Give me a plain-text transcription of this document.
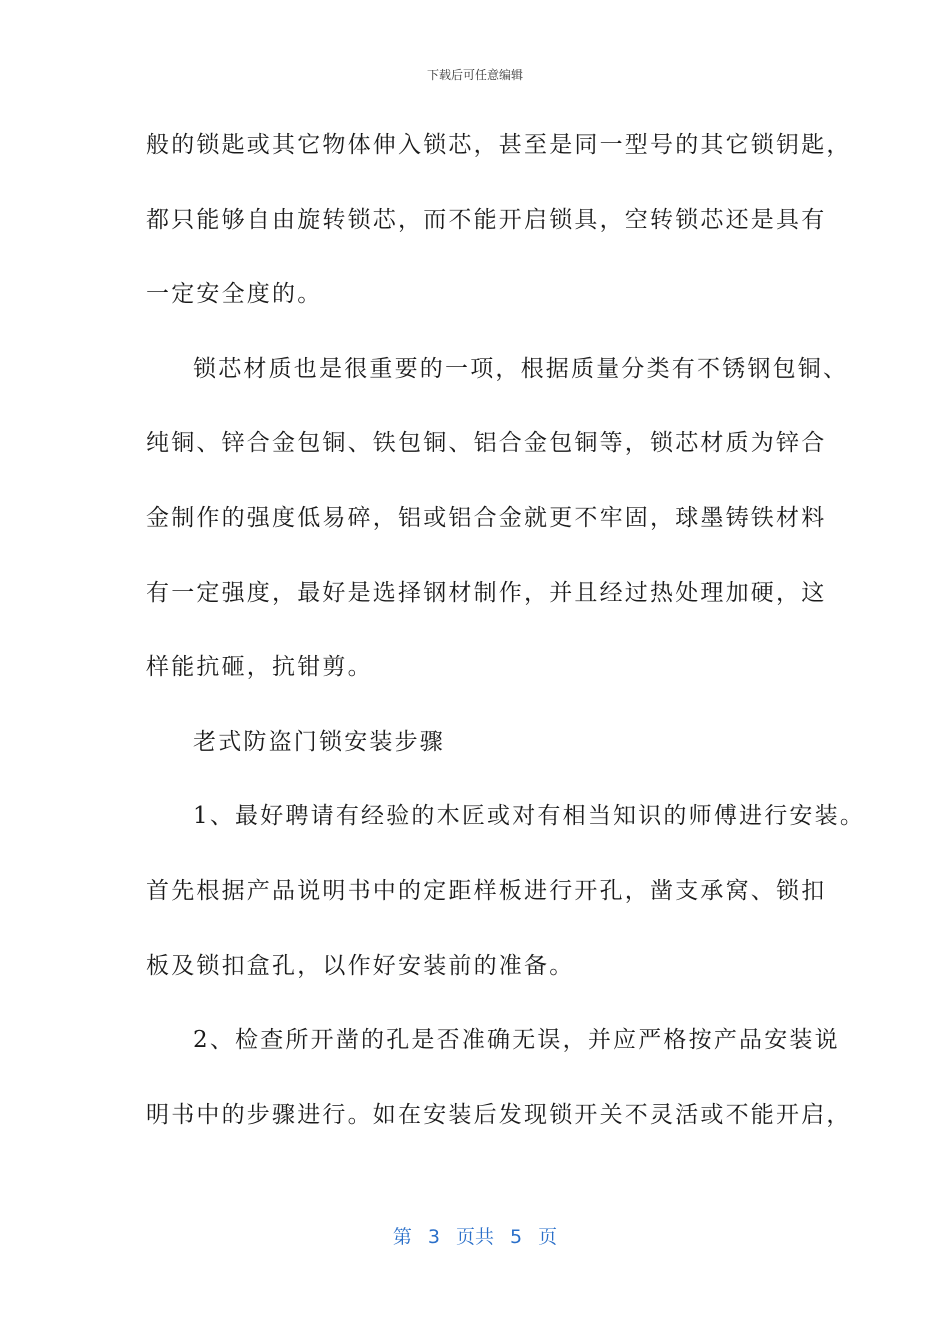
下载后可任意编辑
般的锁匙或其它物体伸入锁芯，甚至是同一型号的其它锁钥匙，
都只能够自由旋转锁芯，而不能开启锁具，空转锁芯还是具有
一定安全度的。
锁芯材质也是很重要的一项，根据质量分类有不锈钢包铜、
纯铜、锌合金包铜、铁包铜、铝合金包铜等，锁芯材质为锌合
金制作的强度低易碎，铝或铝合金就更不牢固，球墨铸铁材料
有一定强度，最好是选择钢材制作，并且经过热处理加硬，这
样能抗砸，抗钳剪。
老式防盗门锁安装步骤
1、最好聘请有经验的木匠或对有相当知识的师傅进行安装。
首先根据产品说明书中的定距样板进行开孔，凿支承窝、锁扣
板及锁扣盒孔，以作好安装前的准备。
2、检查所开凿的孔是否准确无误，并应严格按产品安装说
明书中的步骤进行。如在安装后发现锁开关不灵活或不能开启，
第 3 页共 5 页
